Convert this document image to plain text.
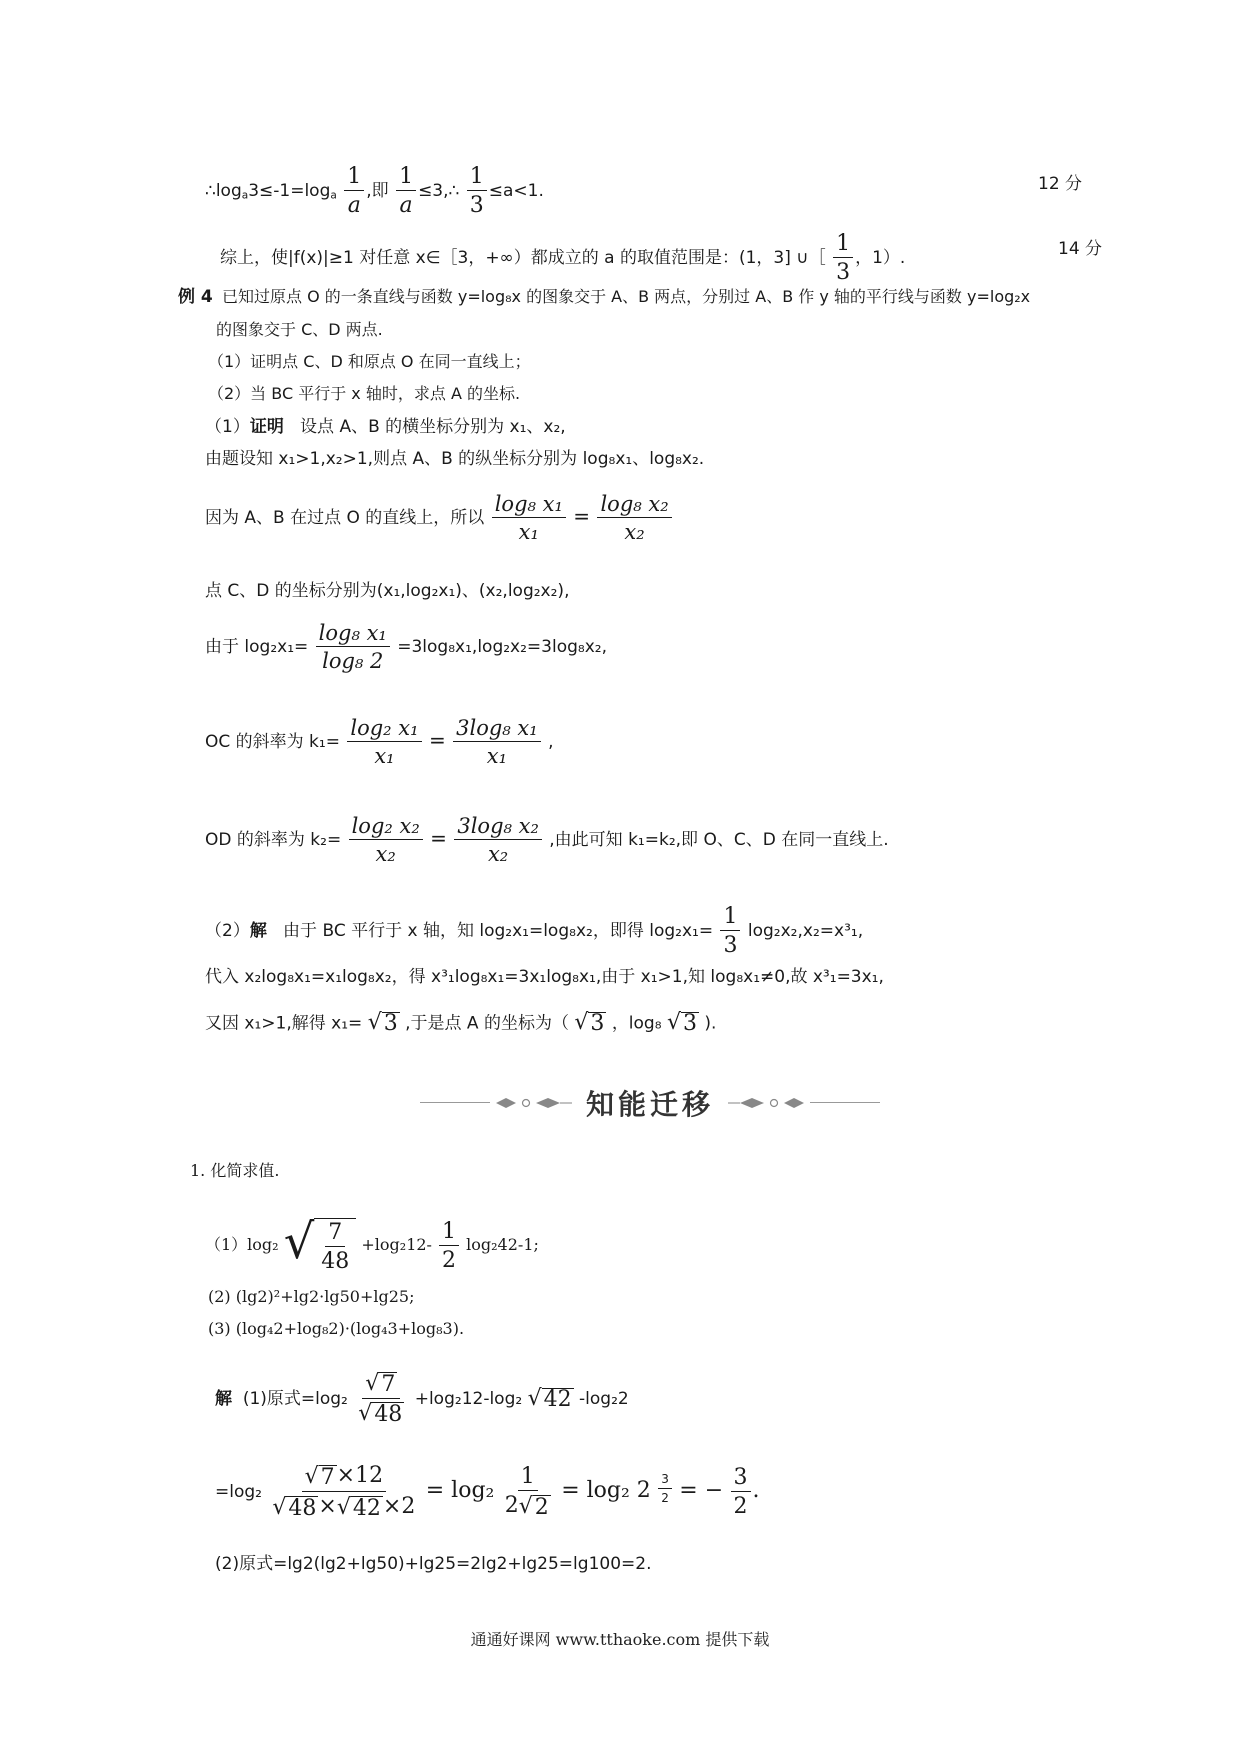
$\therefore\log_a3\le-1=\log_a \frac{1}{a}$ ,即 $\frac{1}{a}$ ≤3,∴ $\frac{1}{3} \le a<1$.	12 分
综上，使|f(x)|≥1 对任意 x∈［3，+∞）都成立的 a 的取值范围是：(1，3] ∪［ $\frac{1}{3}$ ，1）.	14 分
例 4 已知过原点 O 的一条直线与函数 y=log₈x 的图象交于 A、B 两点，分别过 A、B 作 y 轴的平行线与函数 y=log₂x
的图象交于 C、D 两点.
（1）证明点 C、D 和原点 O 在同一直线上；
（2）当 BC 平行于 x 轴时，求点 A 的坐标.
（1）证明 设点 A、B 的横坐标分别为 x₁、x₂,
由题设知 x₁>1,x₂>1,则点 A、B 的纵坐标分别为 log₈x₁、log₈x₂.
因为 A、B 在过点 O 的直线上，所以 $\frac{\text{log₈ x₁}}{\text{x₁}} = \frac{\text{log₈ x₂}}{\text{x₂}}$
点 C、D 的坐标分别为(x₁,log₂x₁)、(x₂,log₂x₂),
由于 $\log_2x_1= \frac{\text{log₈ x₁}}{\text{log₈ 2}} =3\log_8x_1,\log_2x_2=3\log_8x_2$,
OC 的斜率为 $k_1= \frac{\text{log₂ x₁}}{\text{x₁}} = \frac{\text{3log₈ x₁}}{\text{x₁}}$ ,
OD 的斜率为 $k_2= \frac{\text{log₂ x₂}}{\text{x₂}} = \frac{\text{3log₈ x₂}}{\text{x₂}}$ ,由此可知 k₁=k₂,即 O、C、D 在同一直线上.
（2）解 由于 BC 平行于 x 轴，知 log₂x₁=log₈x₂，即得 $\log_2x_1= \frac{1}{3} \log_2x_2,x_2=x^3_1$,
代入 x₂log₈x₁=x₁log₈x₂，得 x³₁log₈x₁=3x₁log₈x₁,由于 x₁>1,知 log₈x₁≠0,故 x³₁=3x₁,
又因 x₁>1,解得 x₁= √ 3 ,于是点 A 的坐标为（ √ 3 ，log₈ √ 3 ).
知能迁移
1. 化简求值.
（1）log₂ √ $\frac{7}{48} +\log_212- \frac{1}{2} \log_242-1$;
(2) (lg2)²+lg2·lg50+lg25;
(3) (log₄2+log₈2)·(log₄3+log₈3).
解 (1)原式$=\log_2 \frac{√ 7}{√ 48} +\log_212-\log_2$ √ 42 -log₂2
$=\log_2 \frac{√ 7 \times 12}{√ 48 \times √ 42 \times 2} = \log_2 \frac{1}{2 √ 2} = \log_2$ $2 \frac{3}{2}$ = − $\frac{3}{2}$ .
(2)原式=lg2(lg2+lg50)+lg25=2lg2+lg25=lg100=2.
通通好课网 www.tthaoke.com 提供下载
